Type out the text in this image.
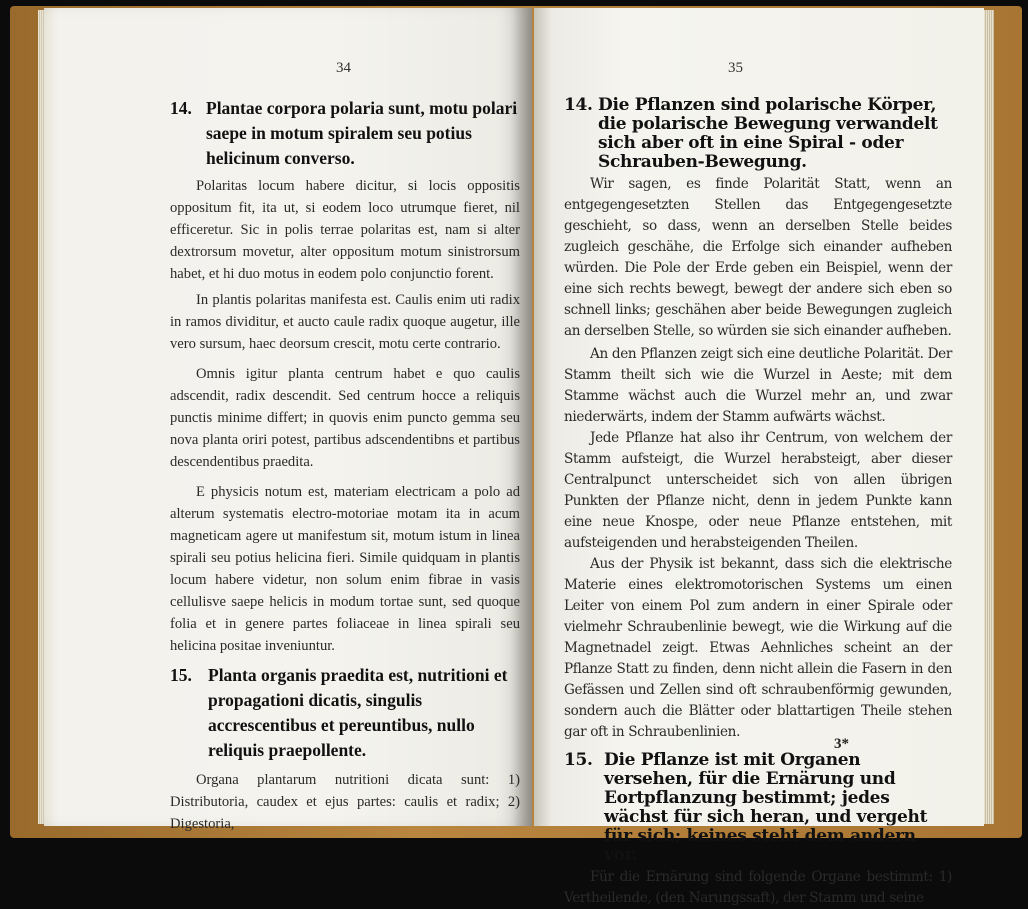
34
14. Plantae corpora polaria sunt, motu polari saepe in motum spiralem seu potius helicinum converso.

Polaritas locum habere dicitur, si locis oppositis oppositum fit, ita ut, si eodem loco utrumque fieret, nil efficeretur. Sic in polis terrae polaritas est, nam si alter dextrorsum movetur, alter oppositum motum sinistrorsum habet, et hi duo motus in eodem polo conjunctio forent.

In plantis polaritas manifesta est. Caulis enim uti radix in ramos dividitur, et aucto caule radix quoque augetur, ille vero sursum, haec deorsum crescit, motu certe contrario.

Omnis igitur planta centrum habet e quo caulis adscendit, radix descendit. Sed centrum hocce a reliquis punctis minime differt; in quovis enim puncto gemma seu nova planta oriri potest, partibus adscendentibns et partibus descendentibus praedita.

E physicis notum est, materiam electricam a polo ad alterum systematis electro-motoriae motam ita in acum magneticam agere ut manifestum sit, motum istum in linea spirali seu potius helicina fieri. Simile quidquam in plantis locum habere videtur, non solum enim fibrae in vasis cellulisve saepe helicis in modum tortae sunt, sed quoque folia et in genere partes foliaceae in linea spirali seu helicina positae inveniuntur.

15. Planta organis praedita est, nutritioni et propagationi dicatis, singulis accrescentibus et pereuntibus, nullo reliquis praepollente.

Organa plantarum nutritioni dicata sunt: 1) Distributoria, caudex et ejus partes: caulis et radix; 2) Digestoria,

35
14. Die Pflanzen sind polarische Körper, die polarische Bewegung verwandelt sich aber oft in eine Spiral - oder Schrauben-Bewegung.

Wir sagen, es finde Polarität Statt, wenn an entgegengesetzten Stellen das Entgegengesetzte geschieht, so dass, wenn an derselben Stelle beides zugleich geschähe, die Erfolge sich einander aufheben würden. Die Pole der Erde geben ein Beispiel, wenn der eine sich rechts bewegt, bewegt der andere sich eben so schnell links; geschähen aber beide Bewegungen zugleich an derselben Stelle, so würden sie sich einander aufheben.

An den Pflanzen zeigt sich eine deutliche Polarität. Der Stamm theilt sich wie die Wurzel in Aeste; mit dem Stamme wächst auch die Wurzel mehr an, und zwar niederwärts, indem der Stamm aufwärts wächst.

Jede Pflanze hat also ihr Centrum, von welchem der Stamm aufsteigt, die Wurzel herabsteigt, aber dieser Centralpunct unterscheidet sich von allen übrigen Punkten der Pflanze nicht, denn in jedem Punkte kann eine neue Knospe, oder neue Pflanze entstehen, mit aufsteigenden und herabsteigenden Theilen.

Aus der Physik ist bekannt, dass sich die elektrische Materie eines elektromotorischen Systems um einen Leiter von einem Pol zum andern in einer Spirale oder vielmehr Schraubenlinie bewegt, wie die Wirkung auf die Magnetnadel zeigt. Etwas Aehnliches scheint an der Pflanze Statt zu finden, denn nicht allein die Fasern in den Gefässen und Zellen sind oft schraubenförmig gewunden, sondern auch die Blätter oder blattartigen Theile stehen gar oft in Schraubenlinien.

15. Die Pflanze ist mit Organen versehen, für die Ernärung und Eortpflanzung bestimmt; jedes wächst für sich heran, und vergeht für sich; keines steht dem andern vor.

Für die Ernärung sind folgende Organe bestimmt: 1) Vertheilende, (den Narungssaft), der Stamm und seine

3*
